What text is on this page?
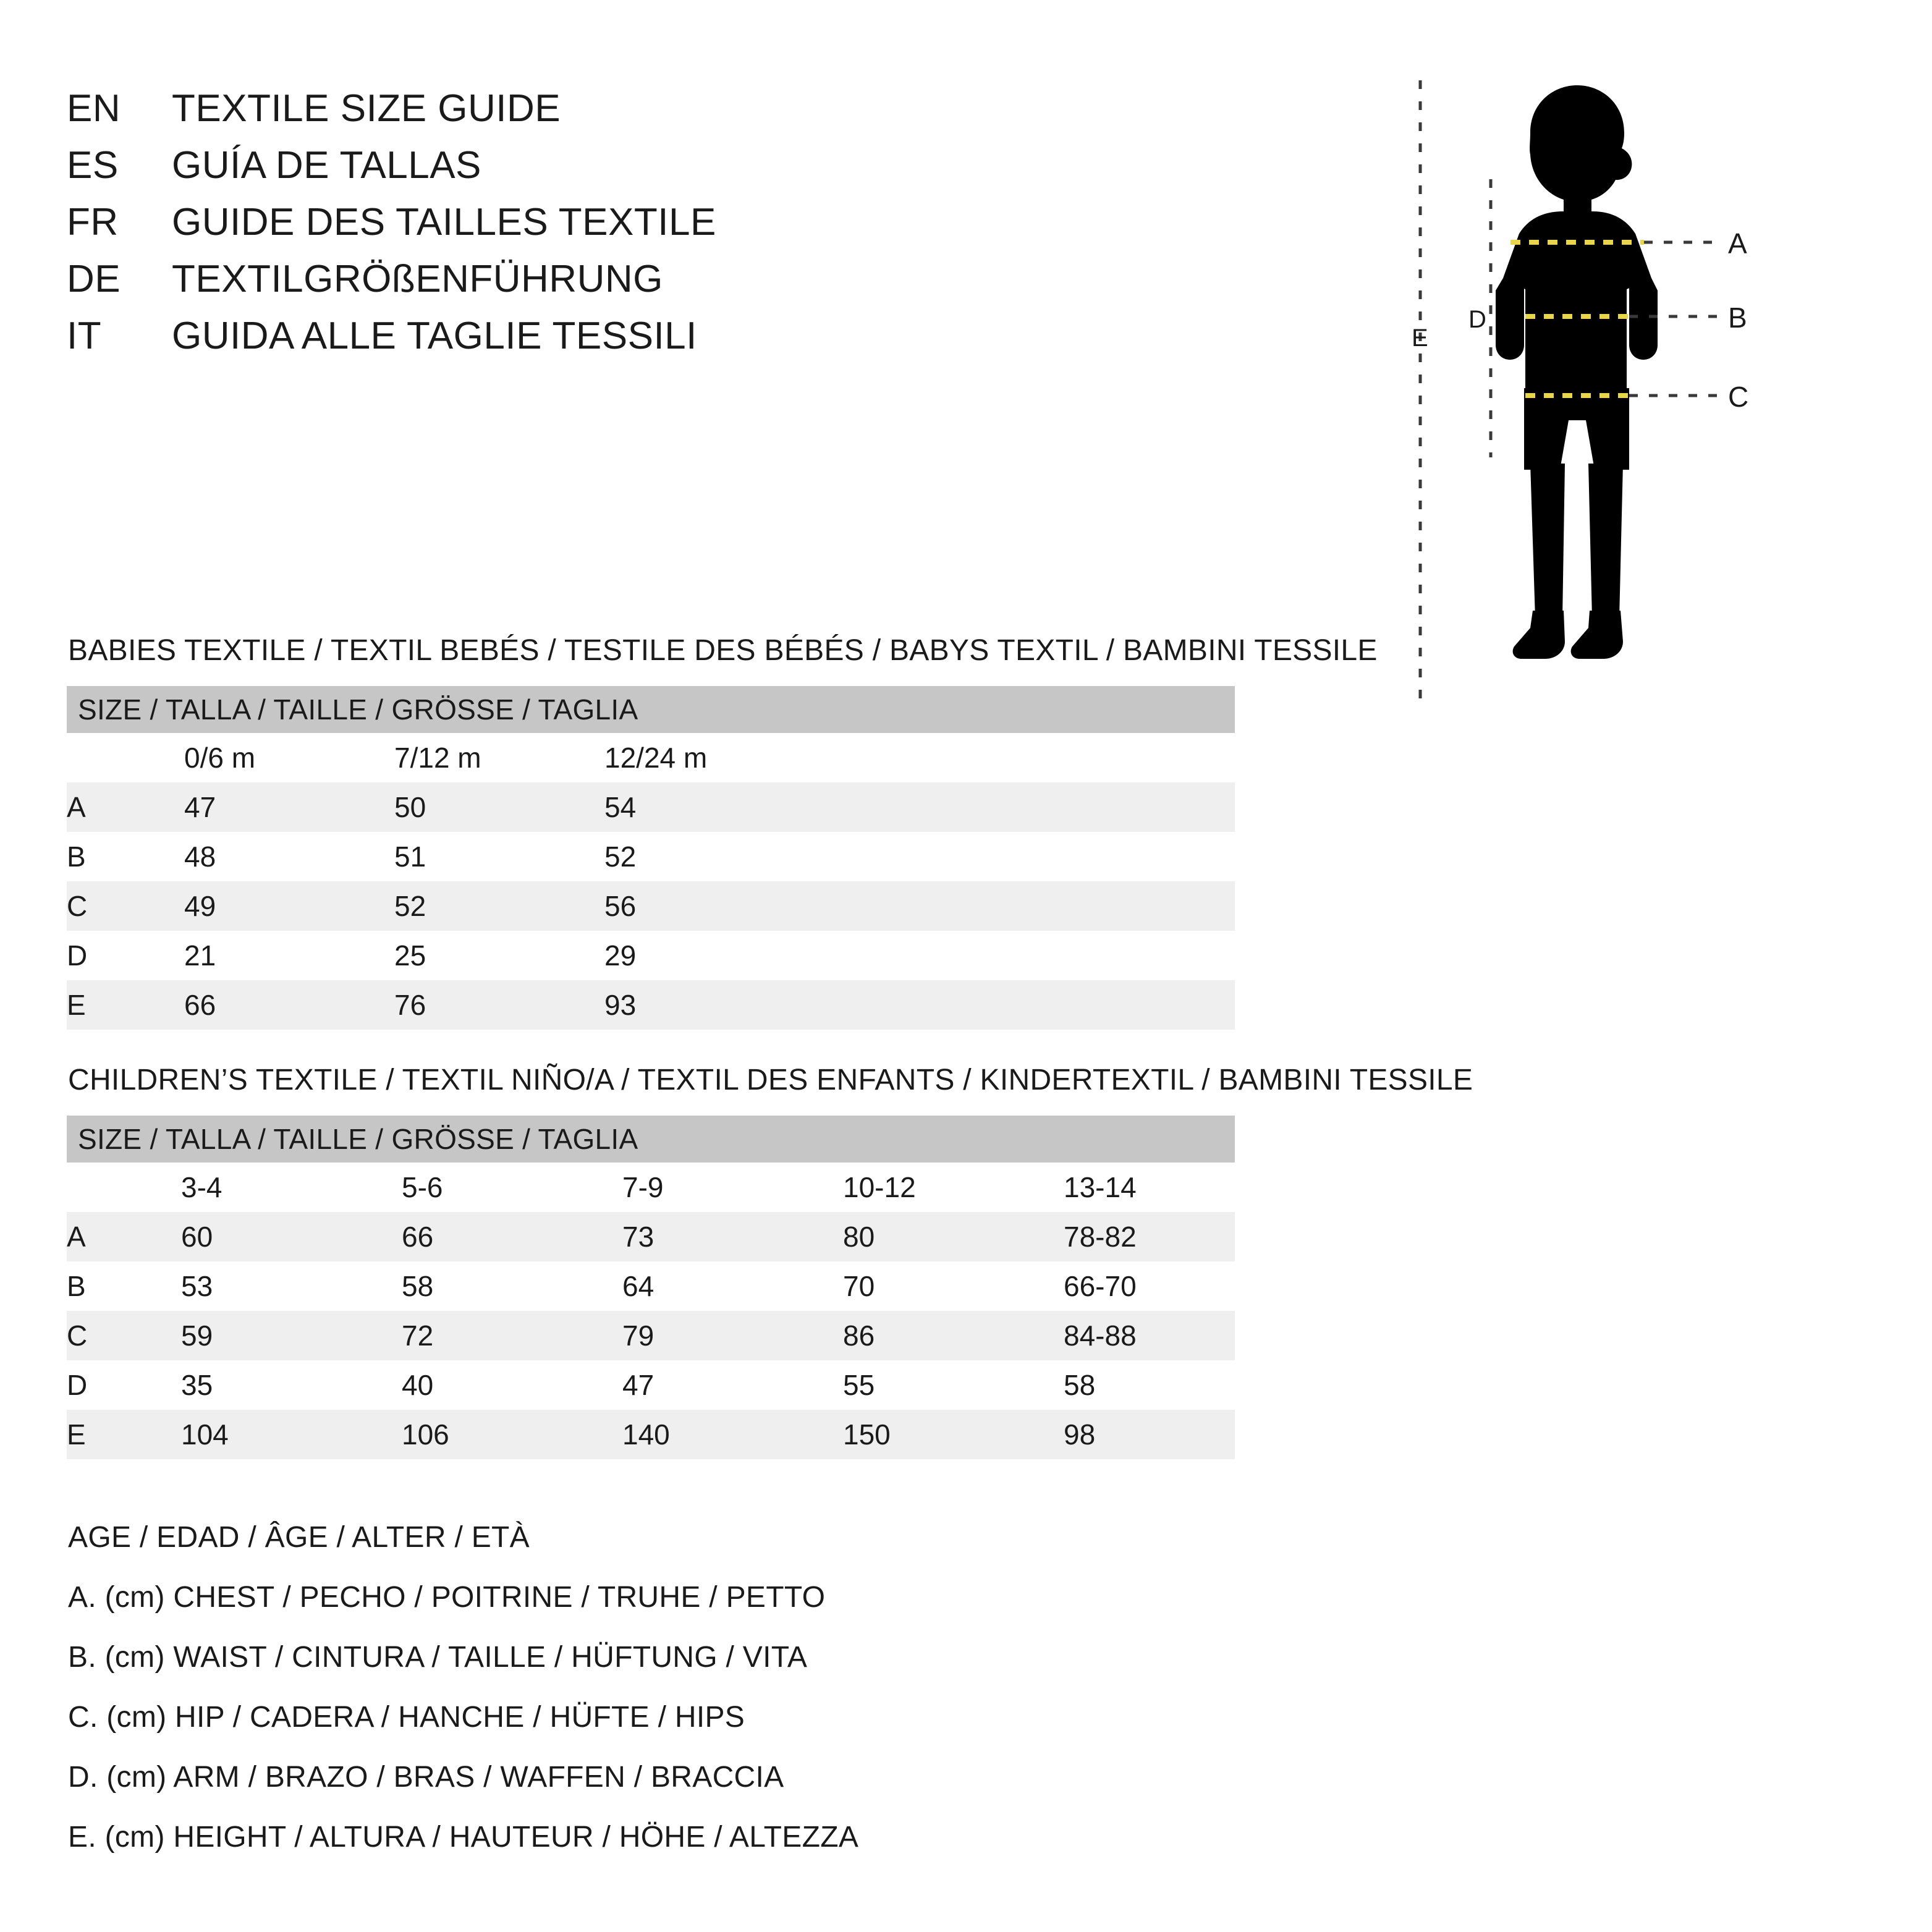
EN	TEXTILE SIZE GUIDE
ES	GUÍA DE TALLAS
FR	GUIDE DES TAILLES TEXTILE
DE	TEXTILGRÖßENFÜHRUNG
IT	GUIDA ALLE TAGLIE TESSILI
A
B
C
D
E
BABIES TEXTILE / TEXTIL BEBÉS / TESTILE DES BÉBÉS / BABYS TEXTIL / BAMBINI TESSILE
SIZE / TALLA / TAILLE / GRÖSSE / TAGLIA
	0/6 m	7/12 m	12/24 m	
A	47	50	54	
B	48	51	52	
C	49	52	56	
D	21	25	29	
E	66	76	93	
CHILDREN’S TEXTILE / TEXTIL NIÑO/A / TEXTIL DES ENFANTS / KINDERTEXTIL / BAMBINI TESSILE
SIZE / TALLA / TAILLE / GRÖSSE / TAGLIA
	3-4	5-6	7-9	10-12	13-14
A	60	66	73	80	78-82
B	53	58	64	70	66-70
C	59	72	79	86	84-88
D	35	40	47	55	58
E	104	106	140	150	98
AGE / EDAD / ÂGE / ALTER / ETÀ
A. (cm) CHEST / PECHO / POITRINE / TRUHE / PETTO
B. (cm) WAIST / CINTURA / TAILLE / HÜFTUNG / VITA
C. (cm) HIP / CADERA / HANCHE / HÜFTE / HIPS
D. (cm) ARM / BRAZO / BRAS / WAFFEN / BRACCIA
E. (cm) HEIGHT / ALTURA / HAUTEUR / HÖHE / ALTEZZA
